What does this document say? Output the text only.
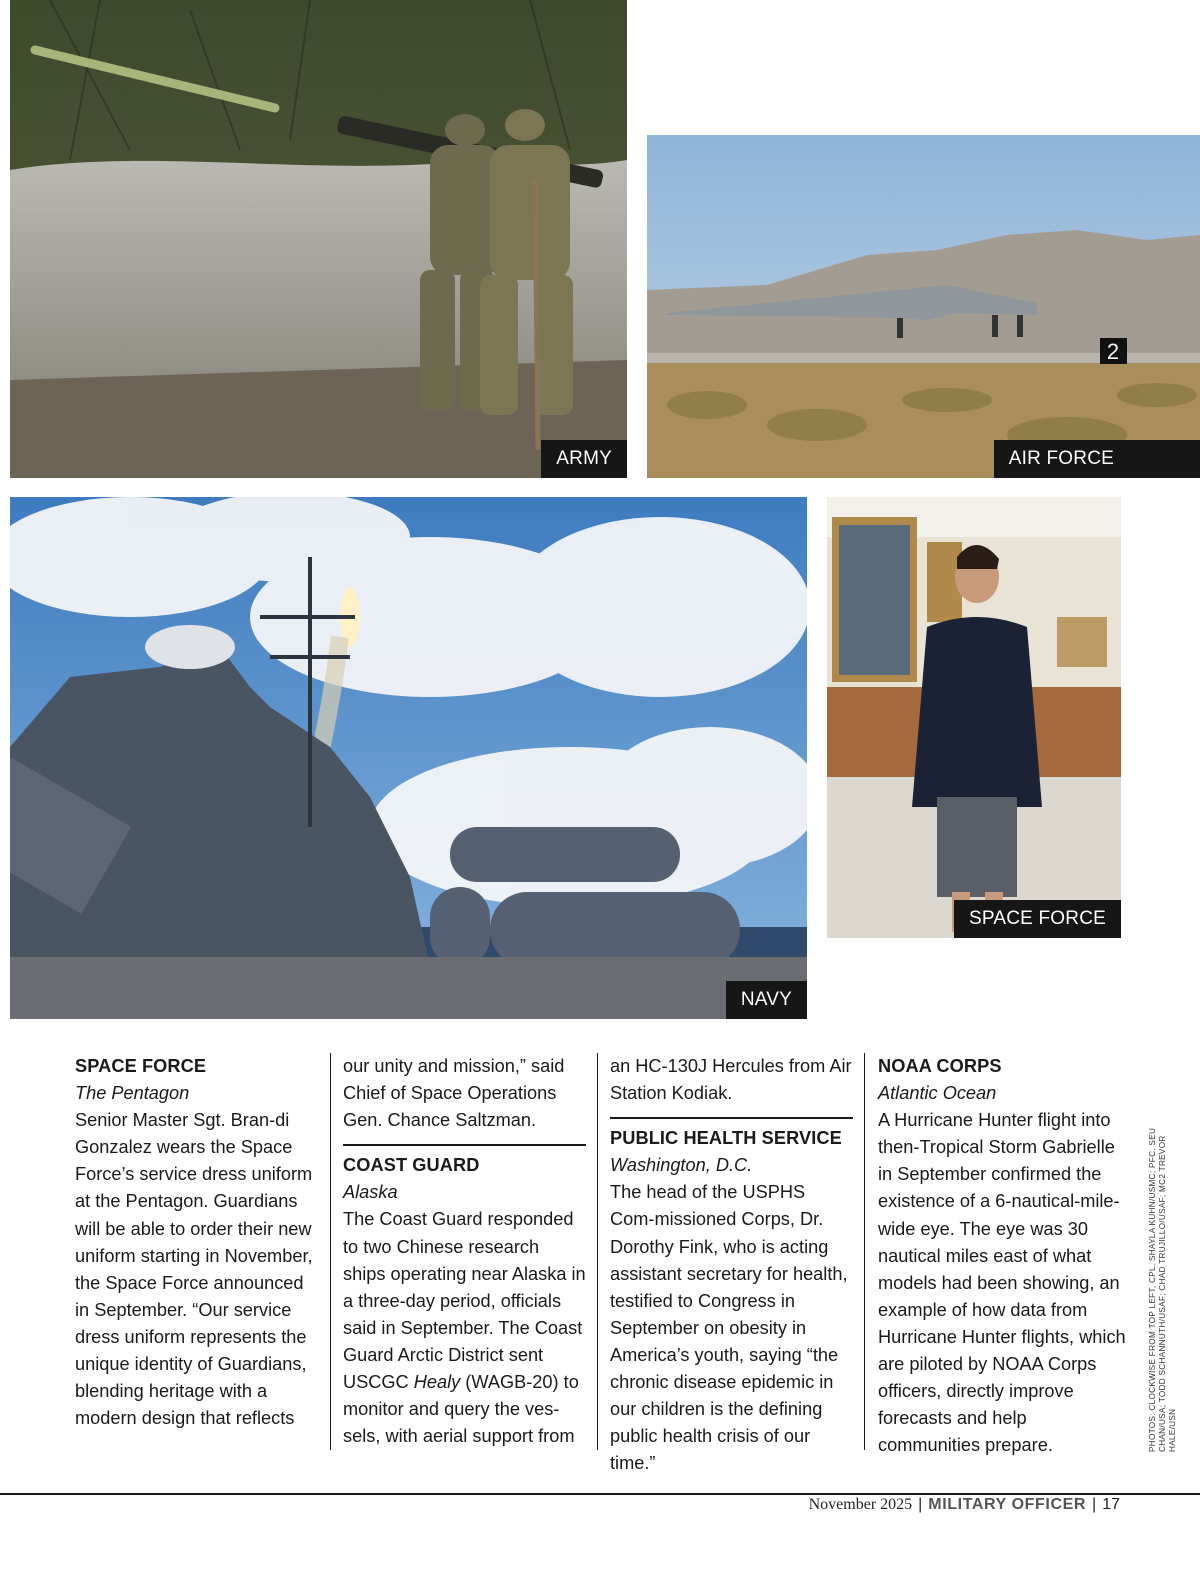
ARMY
2
AIR FORCE
NAVY
SPACE FORCE

SPACE FORCE

The Pentagon

Senior Master Sgt. Bran-di Gonzalez wears the Space Force’s service dress uniform at the Pentagon. Guardians will be able to order their new uniform starting in November, the Space Force announced in September. “Our service dress uniform represents the unique identity of Guardians, blending heritage with a modern design that reflects

our unity and mission,” said Chief of Space Operations Gen. Chance Saltzman.

COAST GUARD

Alaska

The Coast Guard responded to two Chinese research ships operating near Alaska in a three-day period, officials said in September. The Coast Guard Arctic District sent USCGC Healy (WAGB-20) to monitor and query the ves-sels, with aerial support from

an HC-130J Hercules from Air Station Kodiak.

PUBLIC HEALTH SERVICE

Washington, D.C.

The head of the USPHS Com-missioned Corps, Dr. Dorothy Fink, who is acting assistant secretary for health, testified to Congress in September on obesity in America’s youth, saying “the chronic disease epidemic in our children is the defining public health crisis of our time.”

NOAA CORPS

Atlantic Ocean

A Hurricane Hunter flight into then-Tropical Storm Gabrielle in September confirmed the existence of a 6-nautical-mile-wide eye. The eye was 30 nautical miles east of what models had been showing, an example of how data from Hurricane Hunter flights, which are piloted by NOAA Corps officers, directly improve forecasts and help communities prepare.	PHOTOS: CLOCKWISE FROM TOP LEFT, CPL. SHAYLA KUHN/USMC; PFC. SEU CHAN/USA; TODD SCHANNUTH/USAF; CHAD TRUJILLO/USAF; MC2 TREVOR HALE/USN
November 2025 | MILITARY OFFICER | 17
